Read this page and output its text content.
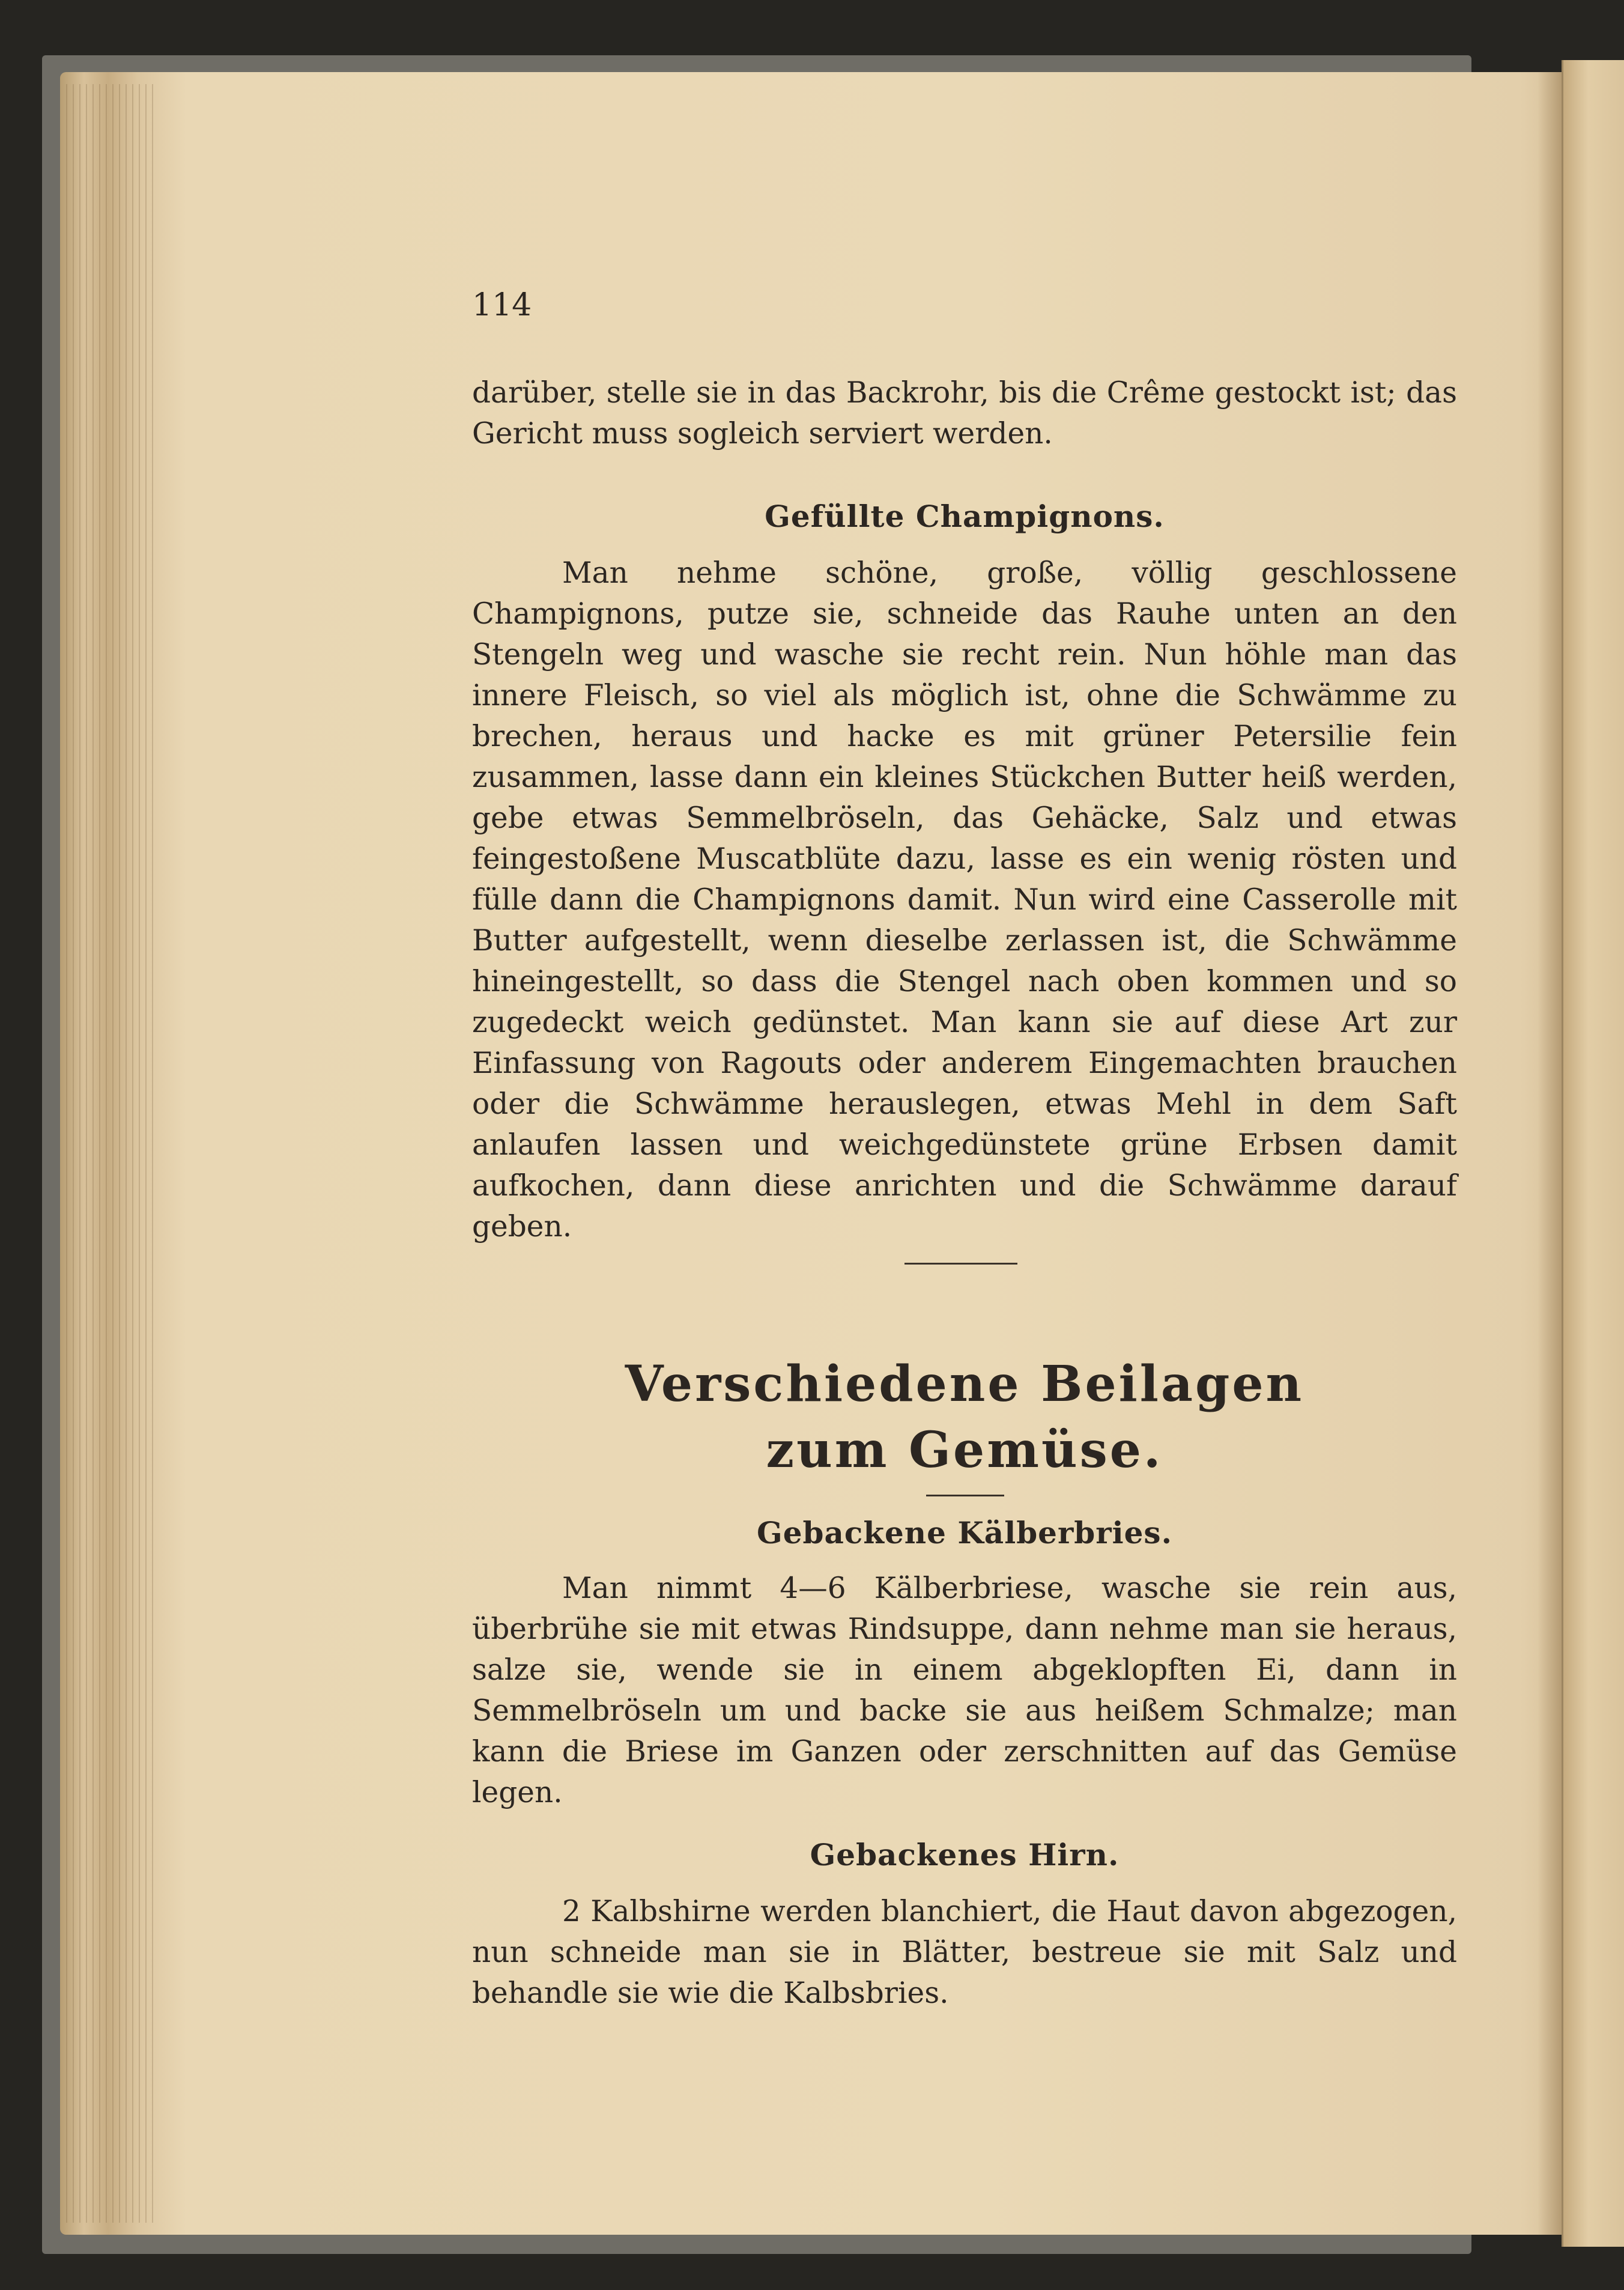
114

darüber, stelle sie in das Backrohr, bis die Crême gestockt ist; das Gericht muss sogleich serviert werden.

Gefüllte Champignons.

Man nehme schöne, große, völlig geschlossene Champignons, putze sie, schneide das Rauhe unten an den Stengeln weg und wasche sie recht rein. Nun höhle man das innere Fleisch, so viel als möglich ist, ohne die Schwämme zu brechen, heraus und hacke es mit grüner Petersilie fein zusammen, lasse dann ein kleines Stückchen Butter heiß werden, gebe etwas Semmelbröseln, das Gehäcke, Salz und etwas feingestoßene Muscatblüte dazu, lasse es ein wenig rösten und fülle dann die Champignons damit. Nun wird eine Casserolle mit Butter aufgestellt, wenn dieselbe zerlassen ist, die Schwämme hineingestellt, so dass die Stengel nach oben kommen und so zugedeckt weich gedünstet. Man kann sie auf diese Art zur Einfassung von Ragouts oder anderem Eingemachten brauchen oder die Schwämme herauslegen, etwas Mehl in dem Saft anlaufen lassen und weichgedünstete grüne Erbsen damit aufkochen, dann diese anrichten und die Schwämme darauf geben.

Verschiedene Beilagen
zum Gemüse.
Gebackene Kälberbries.

Man nimmt 4—6 Kälberbriese, wasche sie rein aus, überbrühe sie mit etwas Rindsuppe, dann nehme man sie heraus, salze sie, wende sie in einem abgeklopften Ei, dann in Semmelbröseln um und backe sie aus heißem Schmalze; man kann die Briese im Ganzen oder zerschnitten auf das Gemüse legen.

Gebackenes Hirn.

2 Kalbshirne werden blanchiert, die Haut davon abgezogen, nun schneide man sie in Blätter, bestreue sie mit Salz und behandle sie wie die Kalbsbries.
